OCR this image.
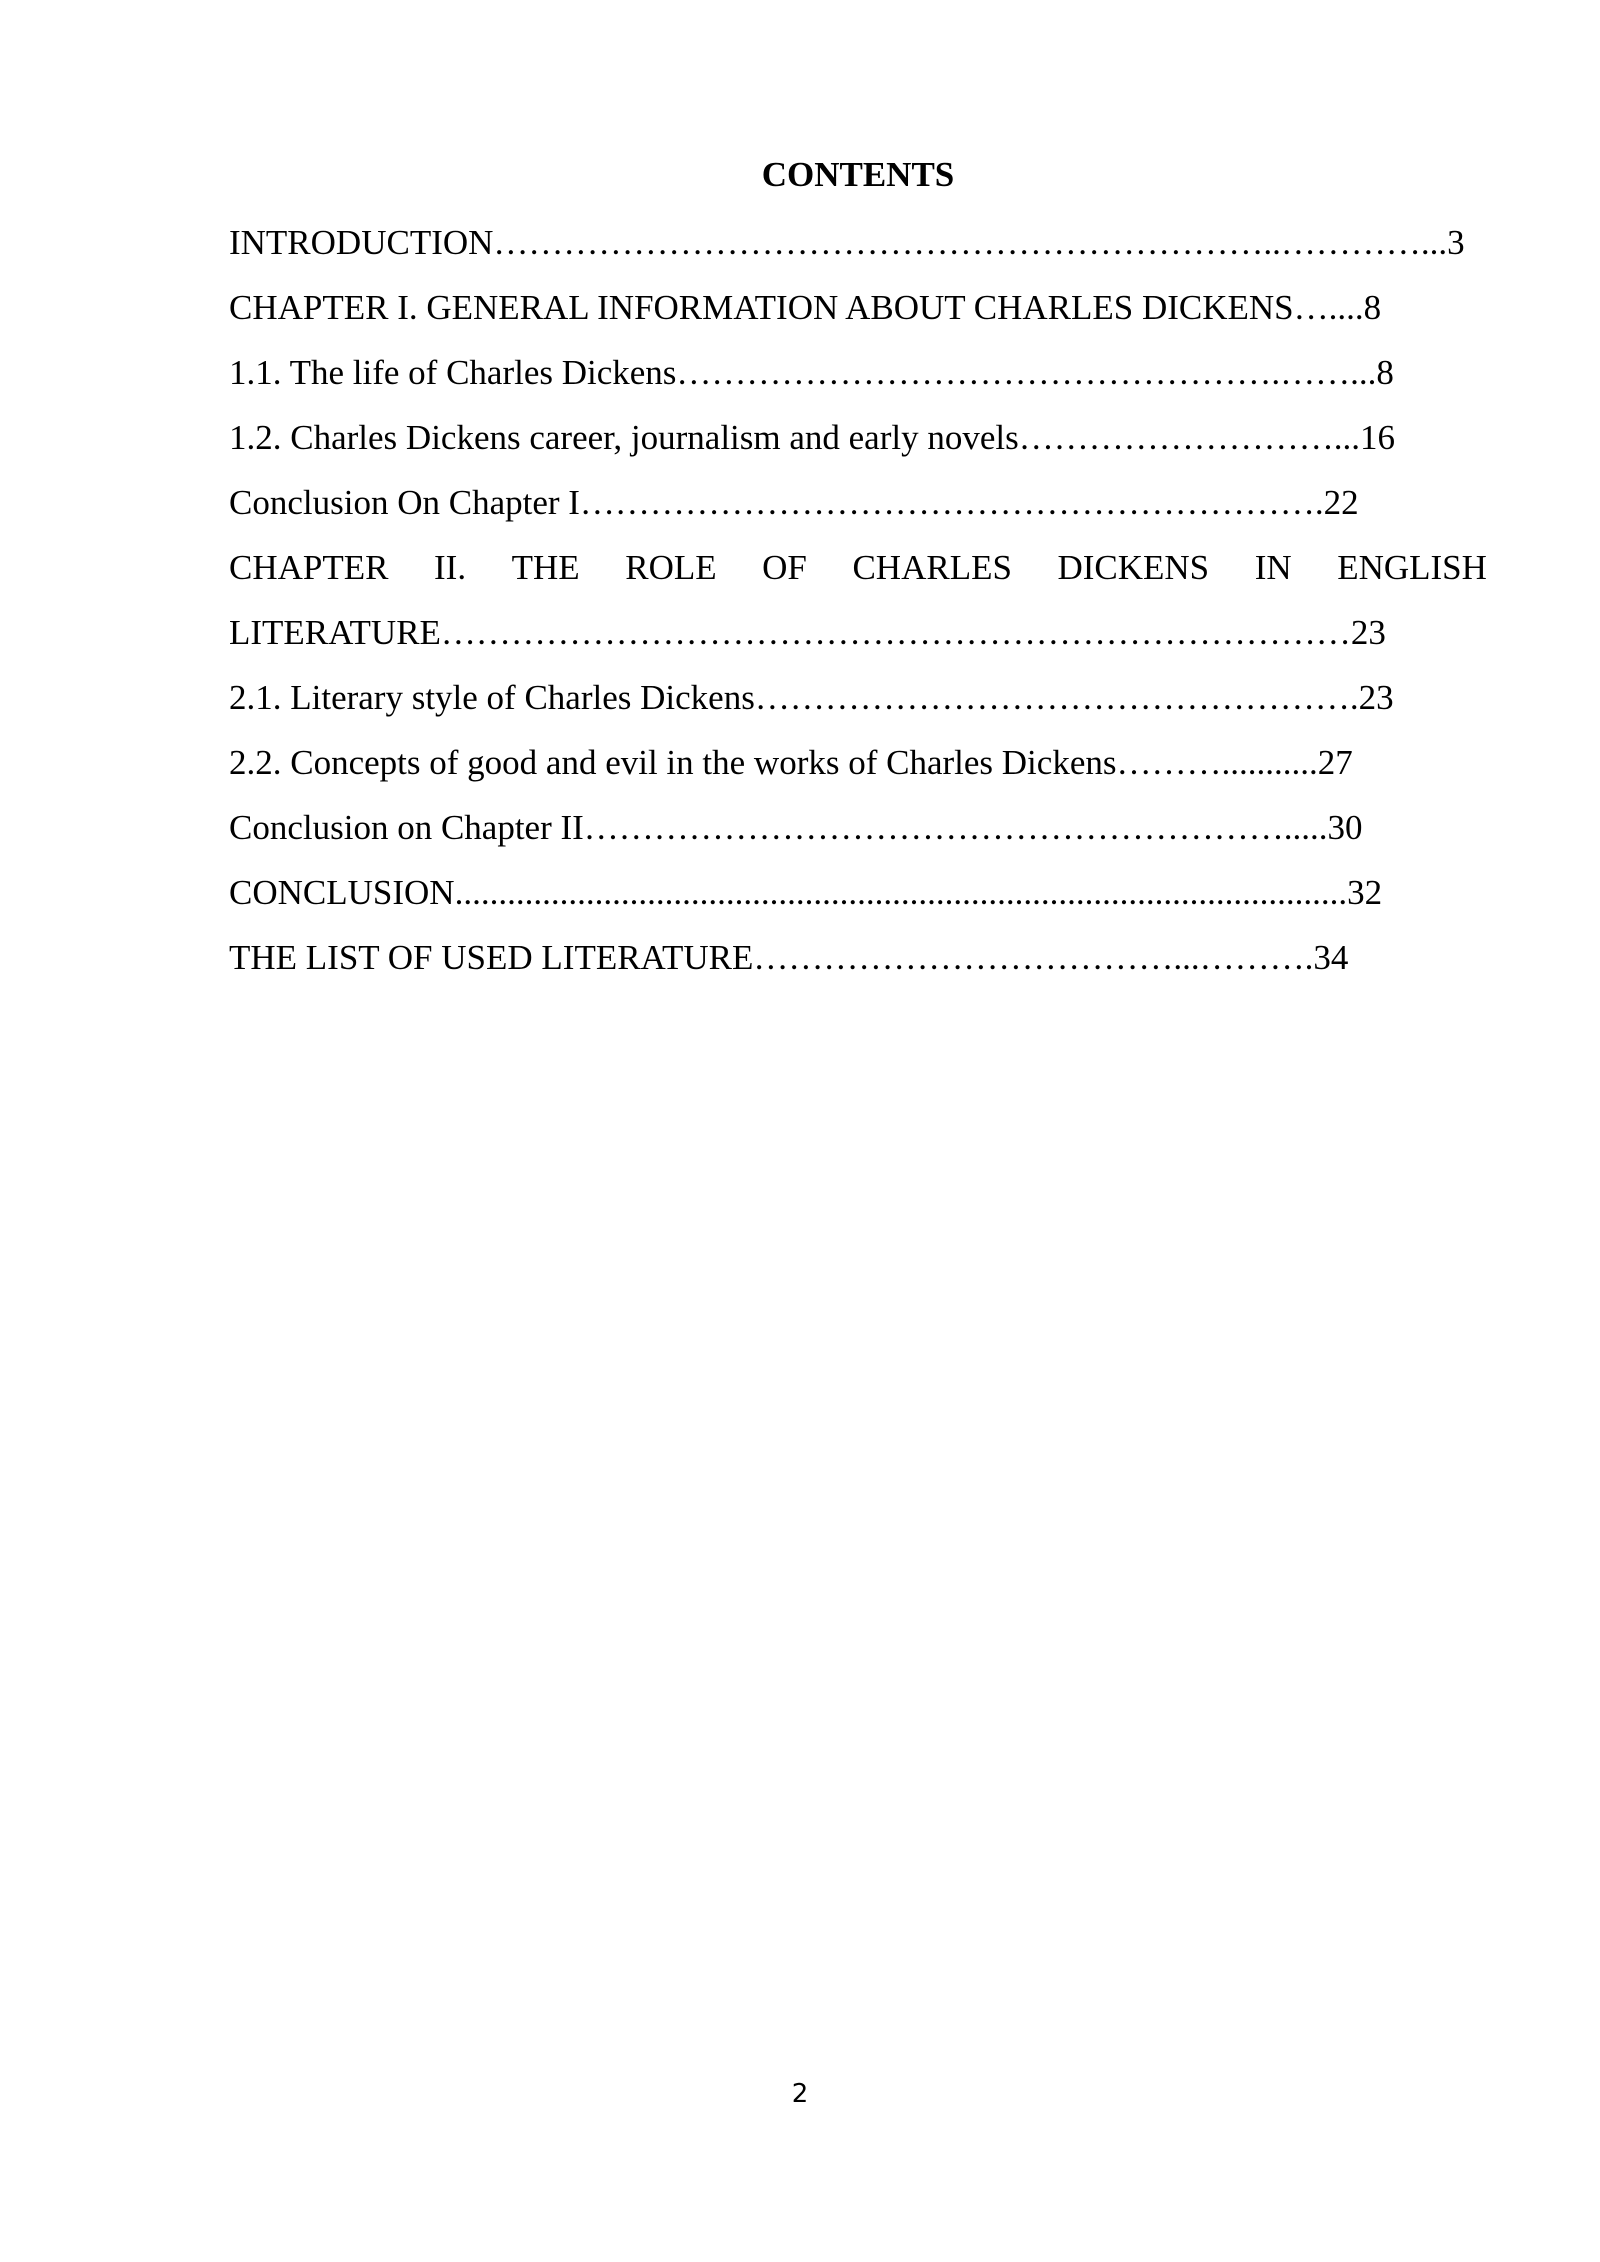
CONTENTS
INTRODUCTION…………………………………………………………..…………...3
CHAPTER I. GENERAL INFORMATION ABOUT CHARLES DICKENS…....8
1.1. The life of Charles Dickens…………………………………………….……...8
1.2. Charles Dickens career, journalism and early novels………………………...16
Conclusion On Chapter I……………………………………………………….22
CHAPTER II. THE ROLE OF CHARLES DICKENS IN ENGLISH
LITERATURE……………………………………………………………………23
2.1. Literary style of Charles Dickens…………………………………………….23
2.2. Concepts of good and evil in the works of Charles Dickens………...........27
Conclusion on Chapter II…………………………………………………….....30
CONCLUSION......................................................................................................32
THE LIST OF USED LITERATURE………………………………...……….34
2
